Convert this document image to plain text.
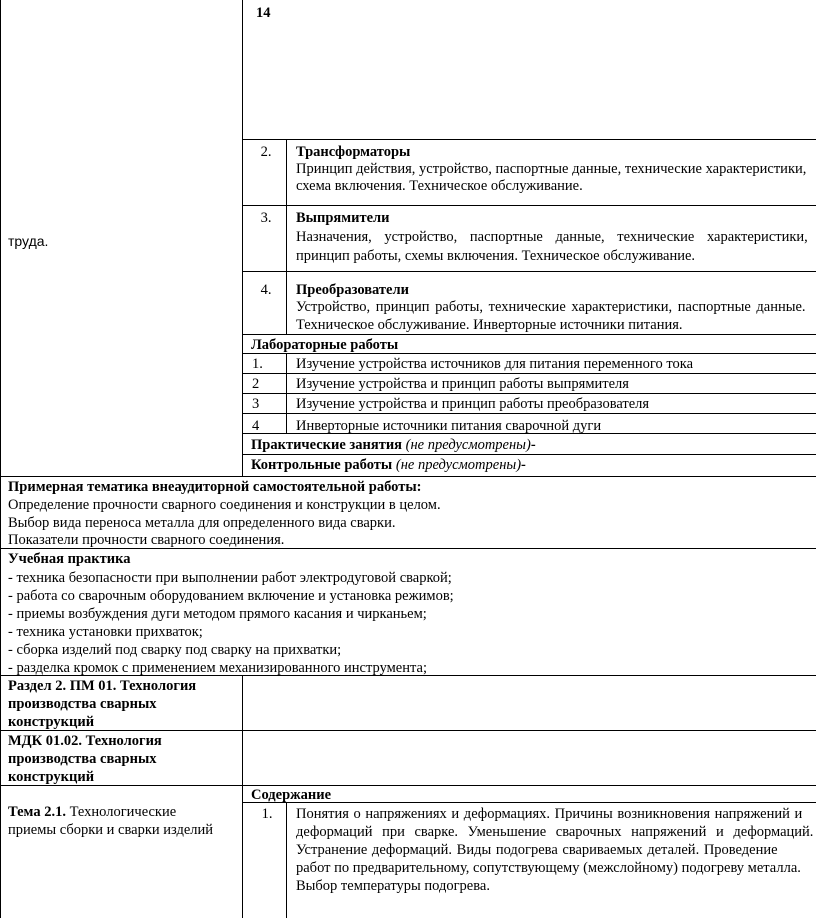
14
труда.
2.	Трансформаторы
Принцип действия, устройство, паспортные данные, технические характеристики,
схема включения. Техническое обслуживание.
3.	Выпрямители
Назначения, устройство, паспортные данные, технические характеристики,
принцип работы, схемы включения. Техническое обслуживание.
4.	Преобразователи
Устройство, принцип работы, технические характеристики, паспортные данные.
Техническое обслуживание. Инверторные источники питания.
Лабораторные работы
1. Изучение устройства источников для питания переменного тока
2	Изучение устройства и принцип работы выпрямителя
3	Изучение устройства и принцип работы преобразователя
4	Инверторные источники питания сварочной дуги
Практические занятия (не предусмотрены)-
Контрольные работы (не предусмотрены)-
Примерная тематика внеаудиторной самостоятельной работы:
Определение прочности сварного соединения и конструкции в целом.
Выбор вида переноса металла для определенного вида сварки.
Показатели прочности сварного соединения.
Учебная практика
- техника безопасности при выполнении работ электродуговой сваркой;
- работа со сварочным оборудованием включение и установка режимов;
- приемы возбуждения дуги методом прямого касания и чирканьем;
- техника установки прихваток;
- сборка изделий под сварку под сварку на прихватки;
- разделка кромок с применением механизированного инструмента;
Раздел 2. ПМ 01. Технология
производства сварных
конструкций
МДК 01.02. Технология
производства сварных
конструкций
Тема 2.1. Технологические
приемы сборки и сварки изделий
Содержание
1.	Понятия о напряжениях и деформациях. Причины возникновения напряжений и
деформаций при сварке. Уменьшение сварочных напряжений и деформаций.
Устранение деформаций. Виды подогрева свариваемых деталей. Проведение
работ по предварительному, сопутствующему (межслойному) подогреву металла.
Выбор температуры подогрева.
